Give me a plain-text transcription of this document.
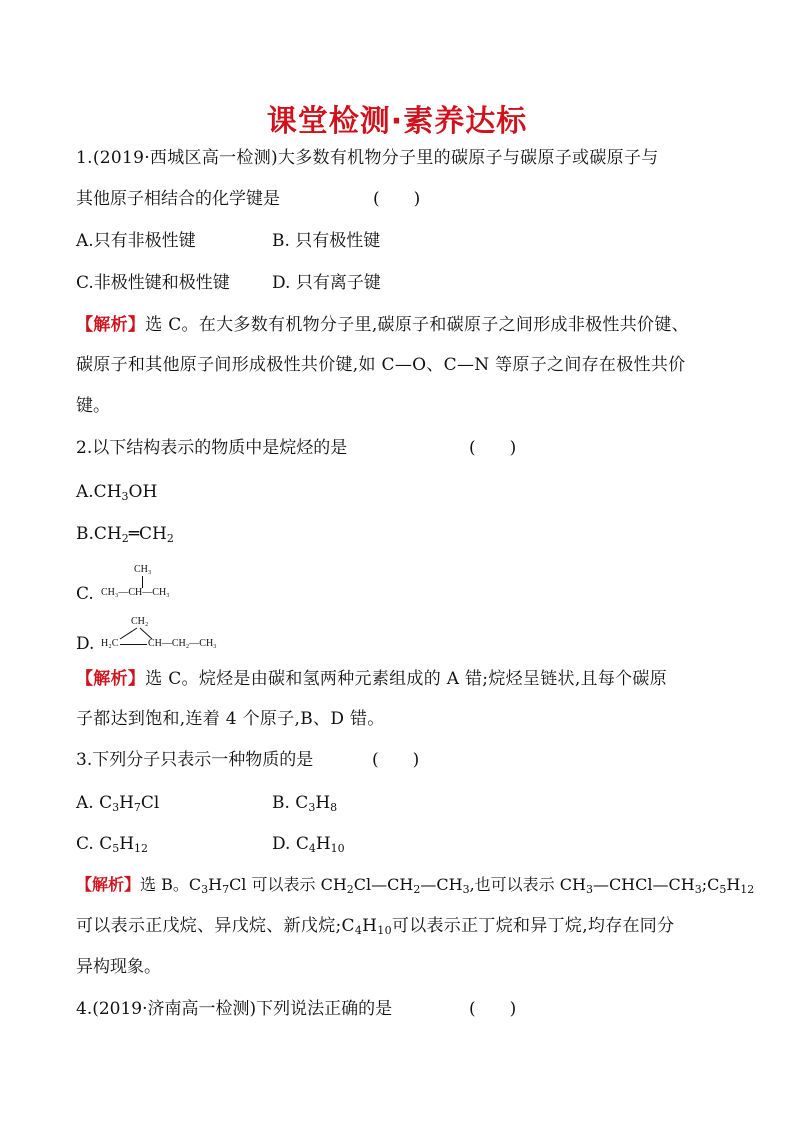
课堂检测·素养达标
1.(2019·西城区高一检测)大多数有机物分子里的碳原子与碳原子或碳原子与
其他原子相结合的化学键是	(　　)
A.只有非极性键	B. 只有极性键
C.非极性键和极性键 D. 只有离子键
【解析】选 C。在大多数有机物分子里,碳原子和碳原子之间形成非极性共价键、
碳原子和其他原子间形成极性共价键,如 C—O、C—N 等原子之间存在极性共价
键。
2.以下结构表示的物质中是烷烃的是	(　　)
$A.CH_3OH$
$B.CH_2═CH_2$
C.
CH₃
CH₃—CH—CH₃
D.
CH₂
H₂C	CH—CH₂—CH₃
【解析】选 C。烷烃是由碳和氢两种元素组成的 A 错;烷烃呈链状,且每个碳原
子都达到饱和,连着 4 个原子,B、D 错。
3.下列分子只表示一种物质的是	(　　)
A. $C_3H_7Cl$	B. $C_3H_8$
C. $C_5H_{12}$	D. $C_4H_{10}$
【解析】选 B。$C_3H_7Cl$ 可以表示 $CH_2Cl—CH_2—CH_3$,也可以表示 $CH_3—CHCl—CH_3;C_5H_{12}$
可以表示正戊烷、异戊烷、新戊烷$;C_4H_{10}$可以表示正丁烷和异丁烷,均存在同分
异构现象。
4.(2019·济南高一检测)下列说法正确的是	(　　)
